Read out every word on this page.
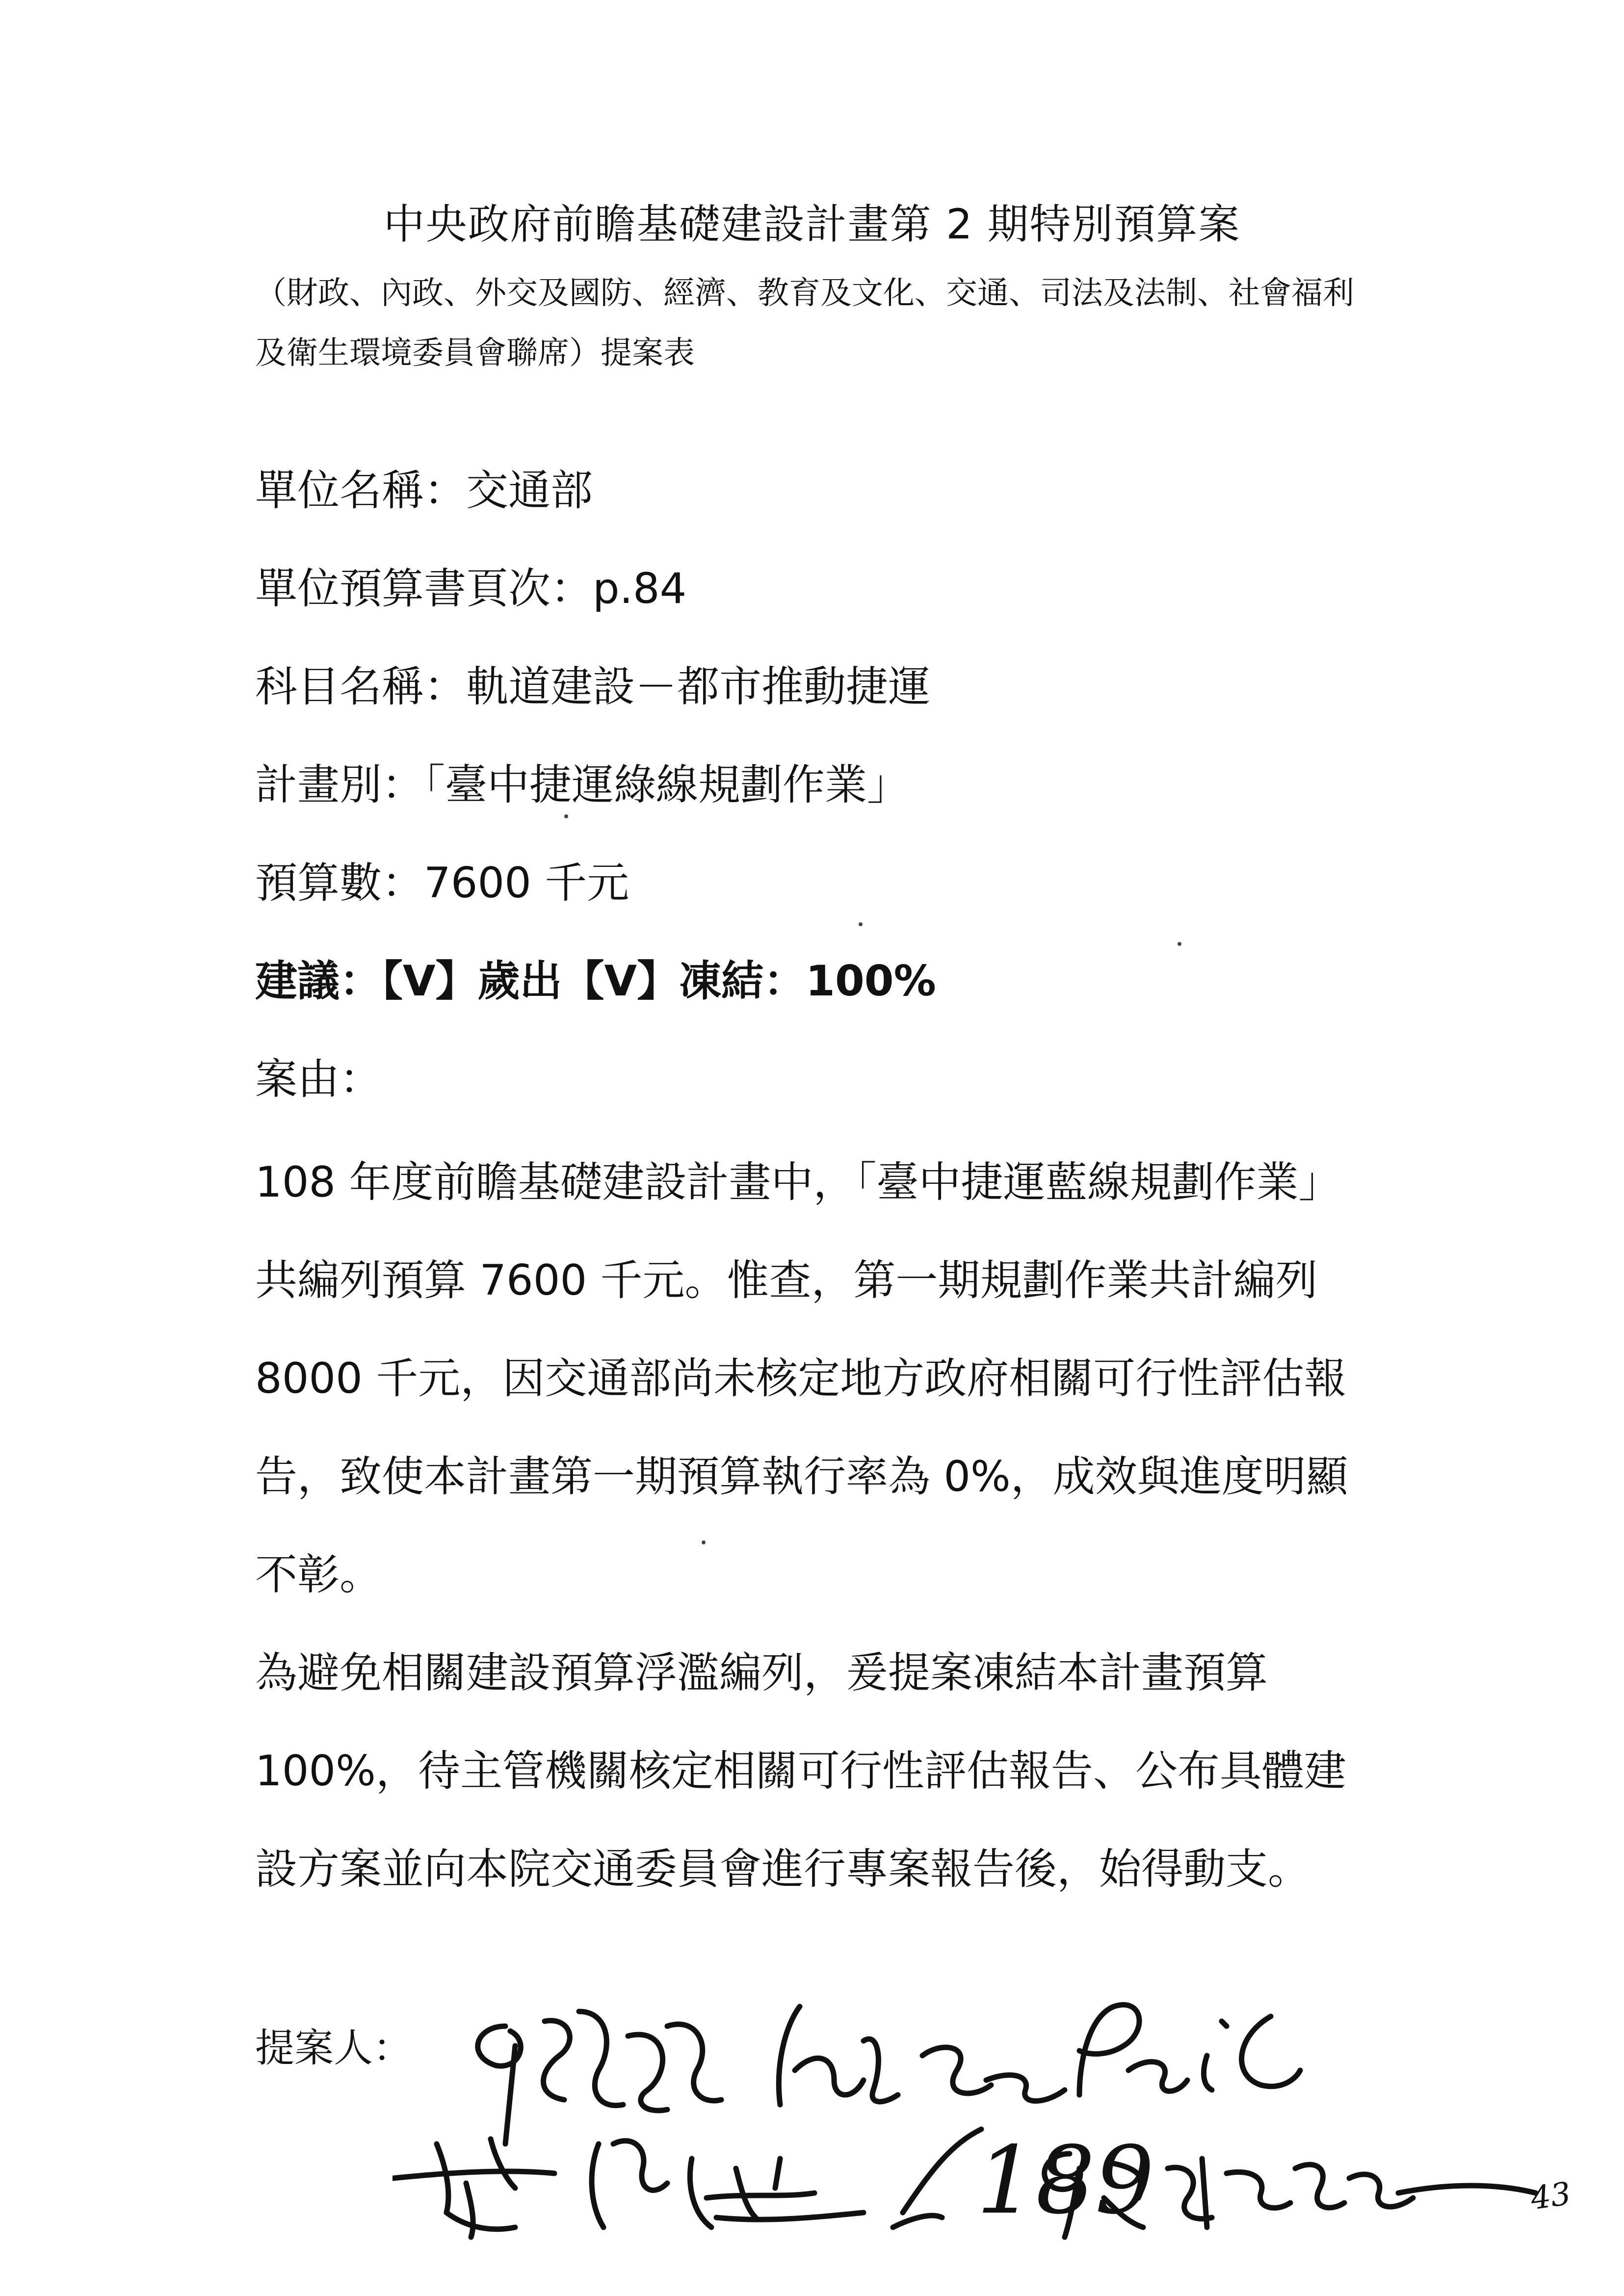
中央政府前瞻基礎建設計畫第 2 期特別預算案
（財政、內政、外交及國防、經濟、教育及文化、交通、司法及法制、社會福利
及衛生環境委員會聯席）提案表
單位名稱：交通部
單位預算書頁次：p.84
科目名稱：軌道建設－都市推動捷運
計畫別：「臺中捷運綠線規劃作業」
預算數：7600 千元
建議：【V】歲出【V】凍結：100%
案由：
108 年度前瞻基礎建設計畫中，「臺中捷運藍線規劃作業」
共編列預算 7600 千元。惟查，第一期規劃作業共計編列
8000 千元，因交通部尚未核定地方政府相關可行性評估報
告，致使本計畫第一期預算執行率為 0%，成效與進度明顯
不彰。
為避免相關建設預算浮濫編列，爰提案凍結本計畫預算
100%，待主管機關核定相關可行性評估報告、公布具體建
設方案並向本院交通委員會進行專案報告後，始得動支。
提案人：
189	43
